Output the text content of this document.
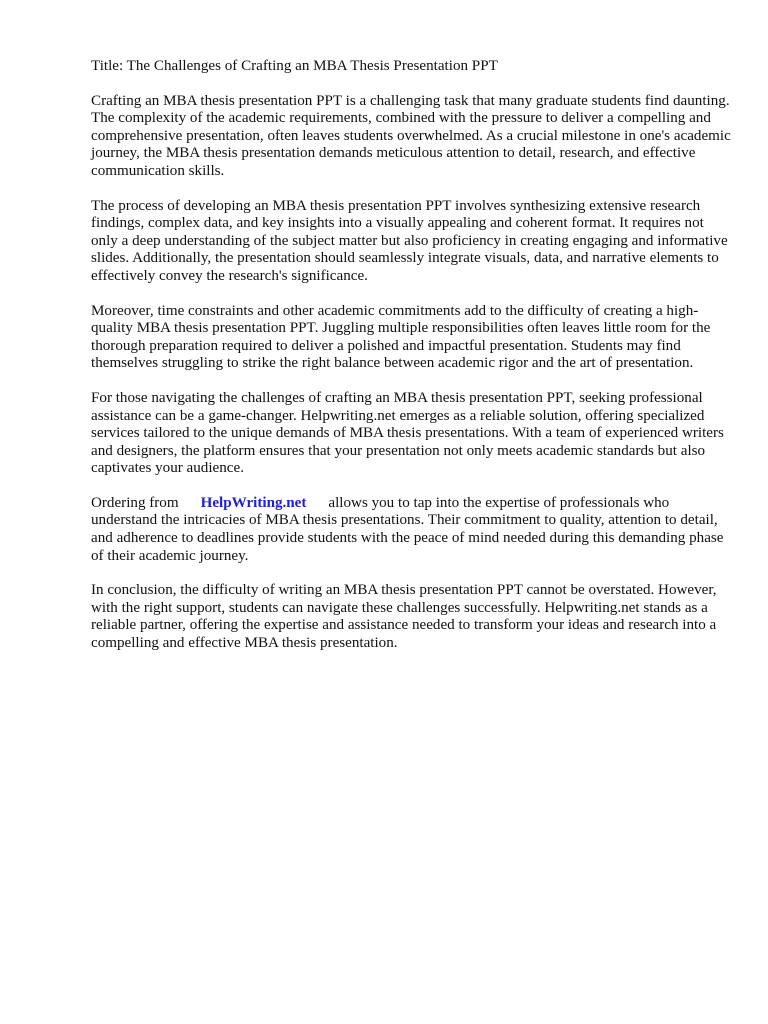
Title: The Challenges of Crafting an MBA Thesis Presentation PPT

Crafting an MBA thesis presentation PPT is a challenging task that many graduate students find daunting. The complexity of the academic requirements, combined with the pressure to deliver a compelling and comprehensive presentation, often leaves students overwhelmed. As a crucial milestone in one's academic journey, the MBA thesis presentation demands meticulous attention to detail, research, and effective communication skills.

The process of developing an MBA thesis presentation PPT involves synthesizing extensive research findings, complex data, and key insights into a visually appealing and coherent format. It requires not only a deep understanding of the subject matter but also proficiency in creating engaging and informative slides. Additionally, the presentation should seamlessly integrate visuals, data, and narrative elements to effectively convey the research's significance.

Moreover, time constraints and other academic commitments add to the difficulty of creating a high-quality MBA thesis presentation PPT. Juggling multiple responsibilities often leaves little room for the thorough preparation required to deliver a polished and impactful presentation. Students may find themselves struggling to strike the right balance between academic rigor and the art of presentation.

For those navigating the challenges of crafting an MBA thesis presentation PPT, seeking professional assistance can be a game-changer. Helpwriting.net emerges as a reliable solution, offering specialized services tailored to the unique demands of MBA thesis presentations. With a team of experienced writers and designers, the platform ensures that your presentation not only meets academic standards but also captivates your audience.

Ordering from HelpWriting.net allows you to tap into the expertise of professionals who understand the intricacies of MBA thesis presentations. Their commitment to quality, attention to detail, and adherence to deadlines provide students with the peace of mind needed during this demanding phase of their academic journey.

In conclusion, the difficulty of writing an MBA thesis presentation PPT cannot be overstated. However, with the right support, students can navigate these challenges successfully. Helpwriting.net stands as a reliable partner, offering the expertise and assistance needed to transform your ideas and research into a compelling and effective MBA thesis presentation.
